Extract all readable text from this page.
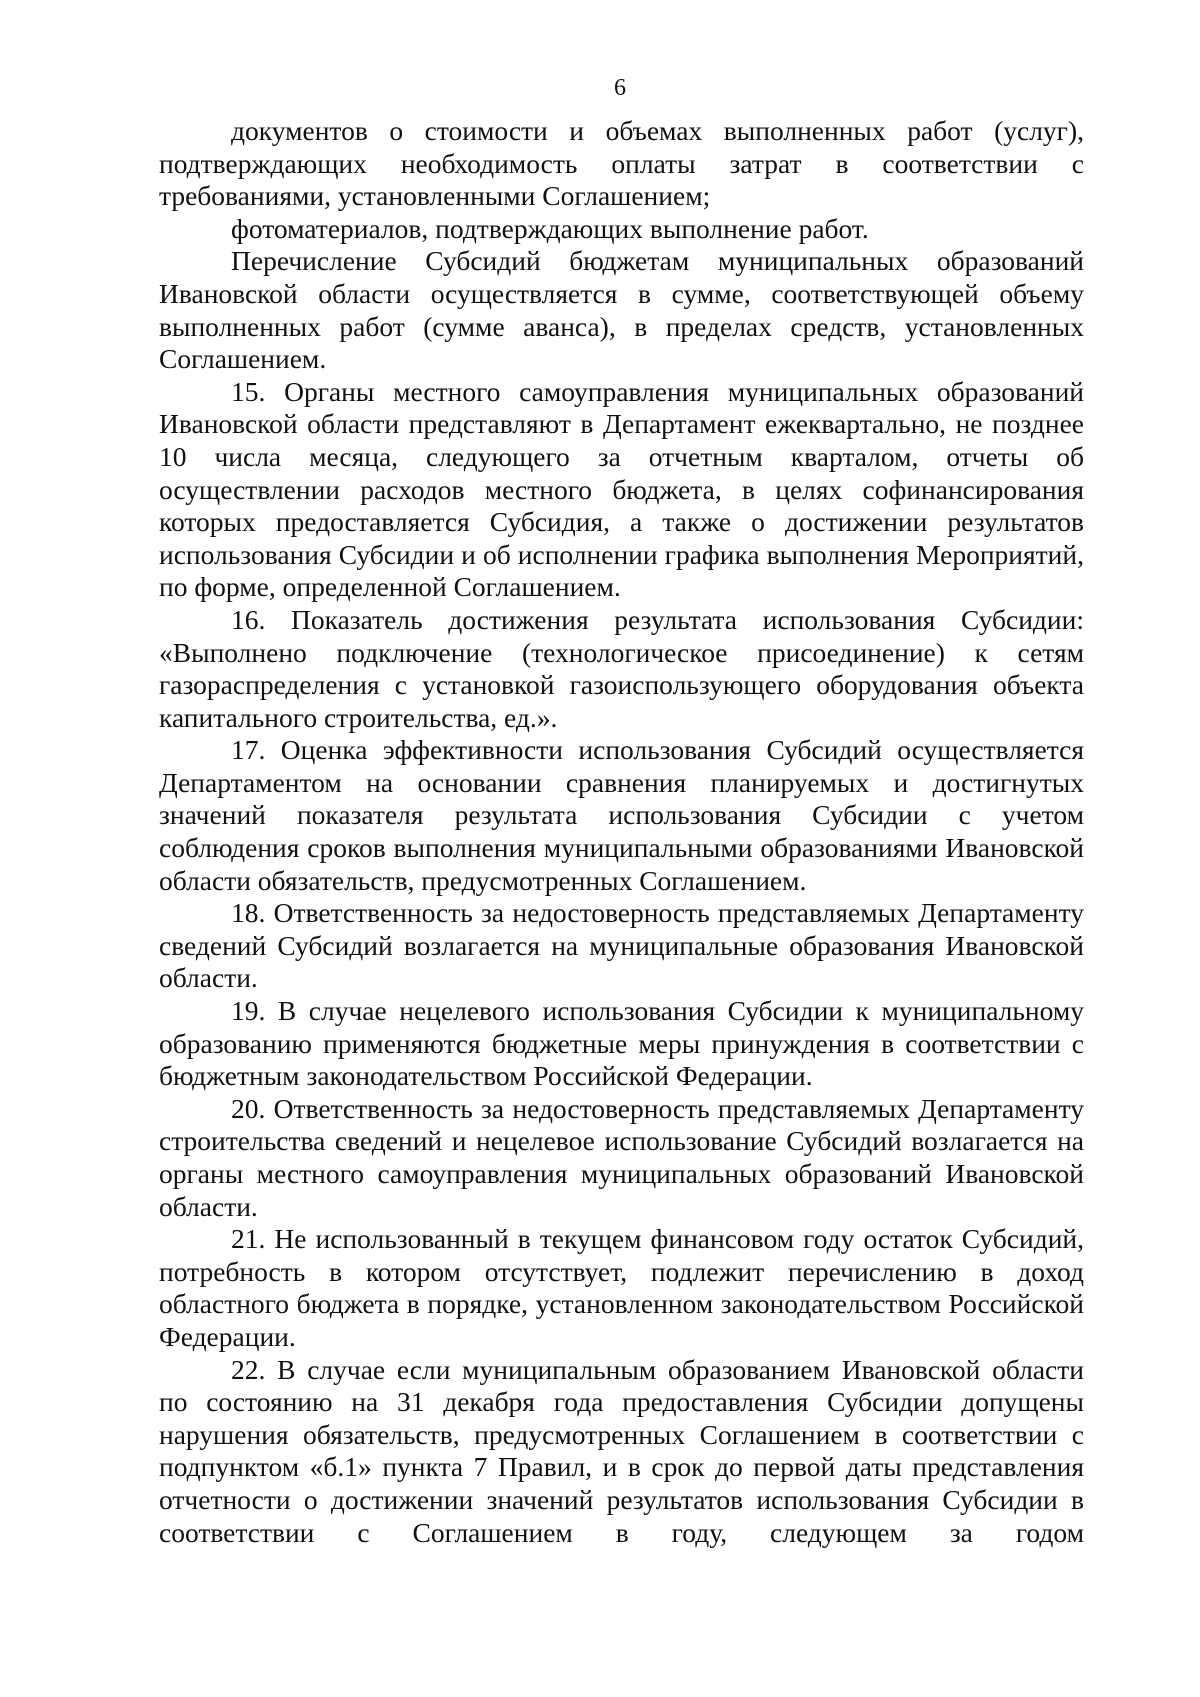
6

документов о стоимости и объемах выполненных работ (услуг), подтверждающих необходимость оплаты затрат в соответствии с требованиями, установленными Соглашением;

фотоматериалов, подтверждающих выполнение работ.

Перечисление Субсидий бюджетам муниципальных образований Ивановской области осуществляется в сумме, соответствующей объему выполненных работ (сумме аванса), в пределах средств, установленных Соглашением.

15. Органы местного самоуправления муниципальных образований Ивановской области представляют в Департамент ежеквартально, не позднее 10 числа месяца, следующего за отчетным кварталом, отчеты об осуществлении расходов местного бюджета, в целях софинансирования которых предоставляется Субсидия, а также о достижении результатов использования Субсидии и об исполнении графика выполнения Мероприятий, по форме, определенной Соглашением.

16. Показатель достижения результата использования Субсидии: «Выполнено подключение (технологическое присоединение) к сетям газораспределения с установкой газоиспользующего оборудования объекта капитального строительства, ед.».

17. Оценка эффективности использования Субсидий осуществляется Департаментом на основании сравнения планируемых и достигнутых значений показателя результата использования Субсидии с учетом соблюдения сроков выполнения муниципальными образованиями Ивановской области обязательств, предусмотренных Соглашением.

18. Ответственность за недостоверность представляемых Департаменту сведений Субсидий возлагается на муниципальные образования Ивановской области.

19. В случае нецелевого использования Субсидии к муниципальному образованию применяются бюджетные меры принуждения в соответствии с бюджетным законодательством Российской Федерации.

20. Ответственность за недостоверность представляемых Департаменту строительства сведений и нецелевое использование Субсидий возлагается на органы местного самоуправления муниципальных образований Ивановской области.

21. Не использованный в текущем финансовом году остаток Субсидий, потребность в котором отсутствует, подлежит перечислению в доход областного бюджета в порядке, установленном законодательством Российской Федерации.

22. В случае если муниципальным образованием Ивановской области по состоянию на 31 декабря года предоставления Субсидии допущены нарушения обязательств, предусмотренных Соглашением в соответствии с подпунктом «б.1» пункта 7 Правил, и в срок до первой даты представления отчетности о достижении значений результатов использования Субсидии в соответствии с Соглашением в году, следующем за годом
